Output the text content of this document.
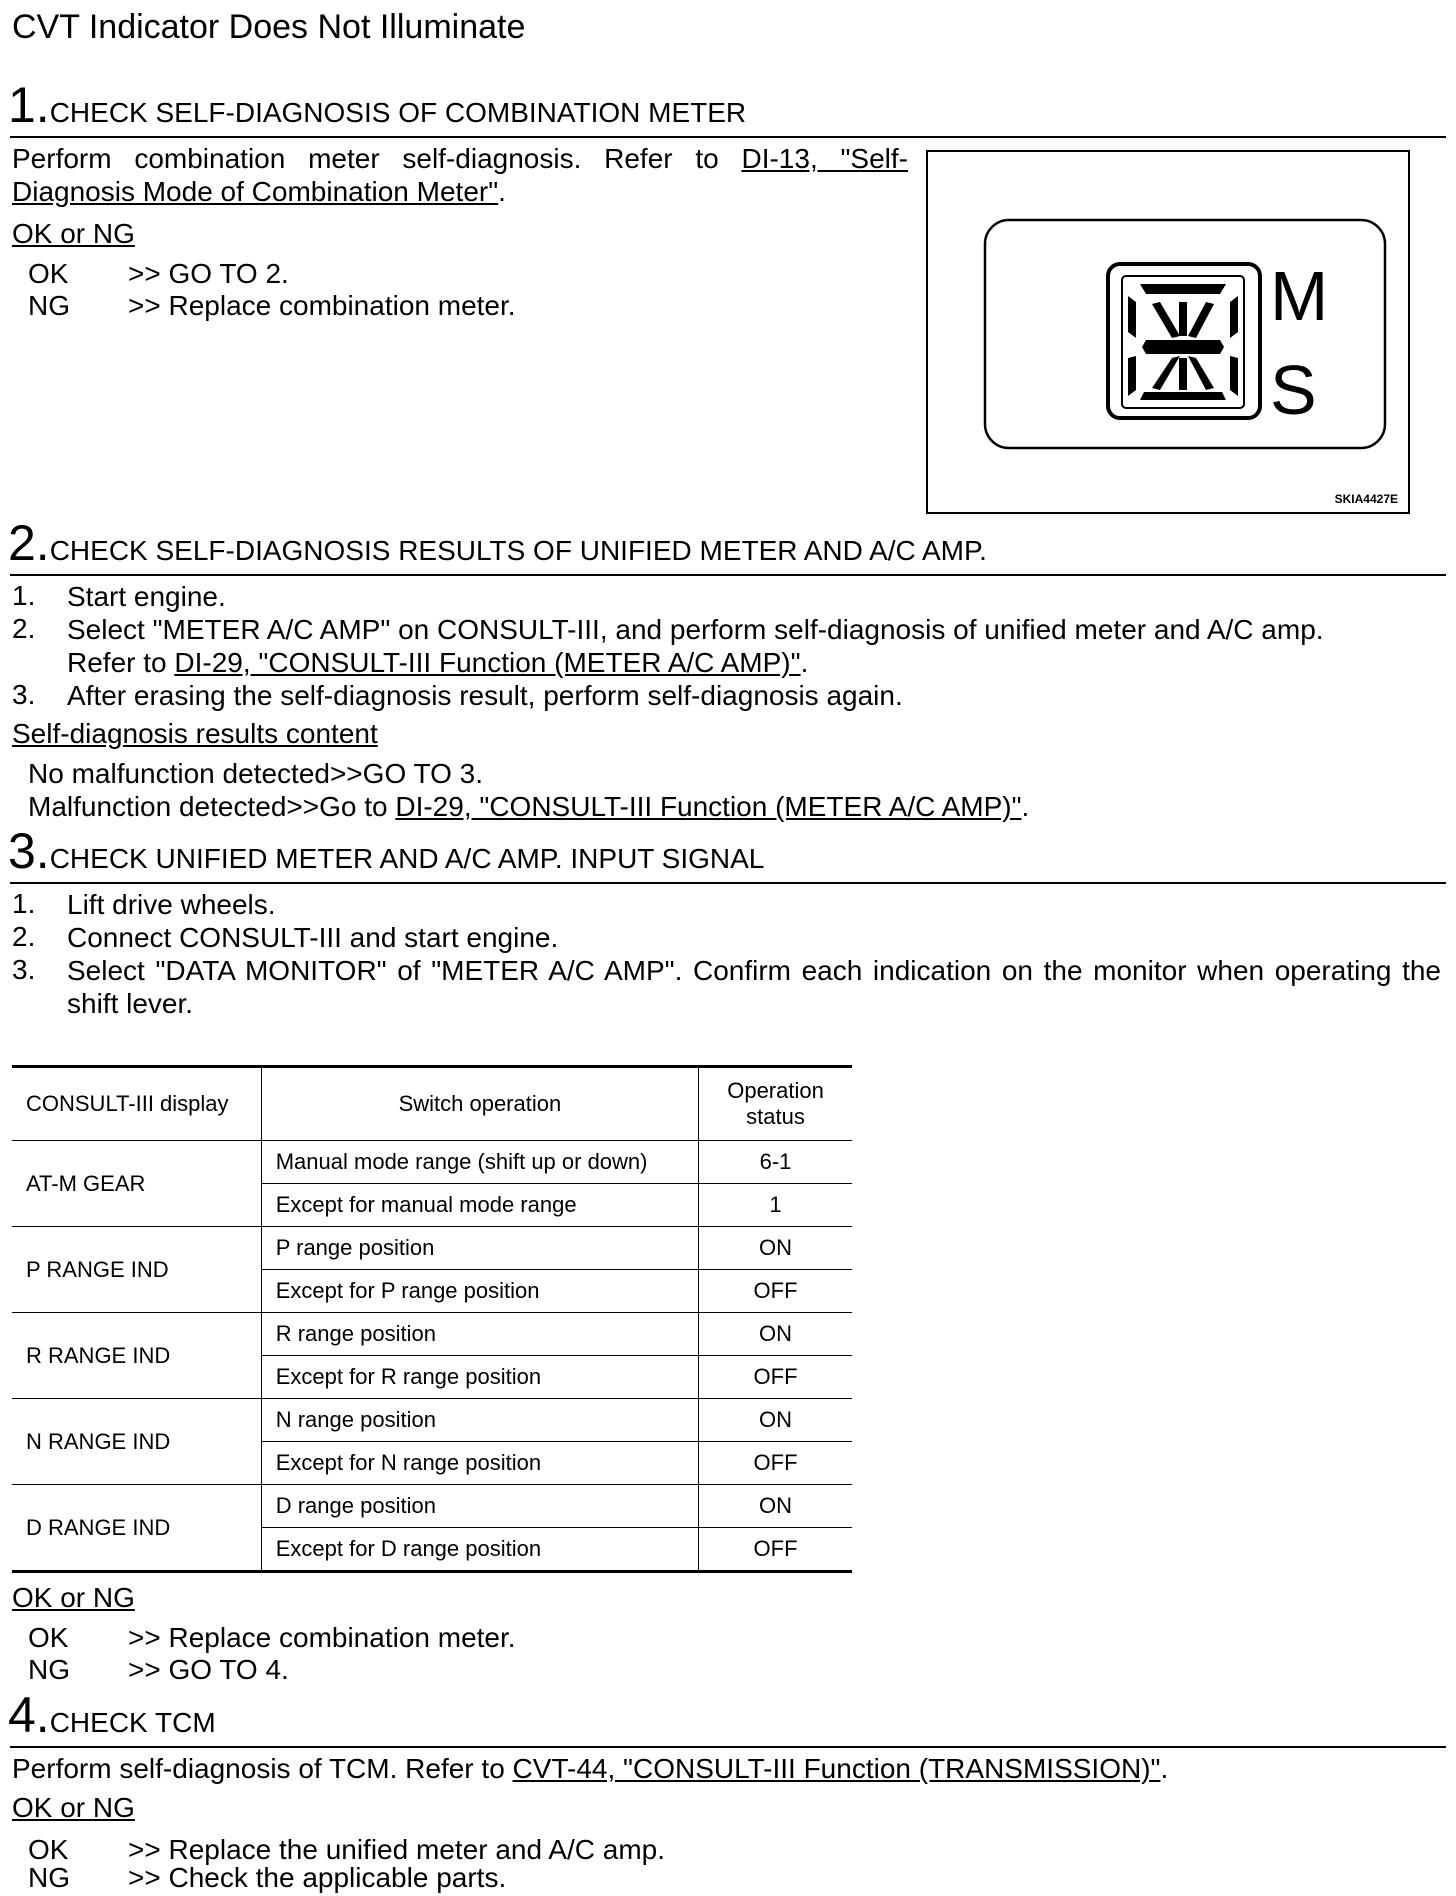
CVT Indicator Does Not Illuminate
1.CHECK SELF-DIAGNOSIS OF COMBINATION METER
Perform combination meter self-diagnosis. Refer to DI-13, "Self-Diagnosis Mode of Combination Meter".
OK or NG
OK >> GO TO 2.
NG >> Replace combination meter.	M
S
SKIA4427E
2.CHECK SELF-DIAGNOSIS RESULTS OF UNIFIED METER AND A/C AMP.
1. Start engine.
2. Select "METER A/C AMP" on CONSULT-III, and perform self-diagnosis of unified meter and A/C amp.
Refer to DI-29, "CONSULT-III Function (METER A/C AMP)".
3. After erasing the self-diagnosis result, perform self-diagnosis again.
Self-diagnosis results content
No malfunction detected>>GO TO 3.
Malfunction detected>>Go to DI-29, "CONSULT-III Function (METER A/C AMP)".
3.CHECK UNIFIED METER AND A/C AMP. INPUT SIGNAL
1. Lift drive wheels.
2. Connect CONSULT-III and start engine.
3. Select "DATA MONITOR" of "METER A/C AMP". Confirm each indication on the monitor when operating the shift lever.
CONSULT-III display	Switch operation	Operation status
AT-M GEAR	Manual mode range (shift up or down)	6-1
	Except for manual mode range	1
P RANGE IND	P range position	ON
	Except for P range position	OFF
R RANGE IND	R range position	ON
	Except for R range position	OFF
N RANGE IND	N range position	ON
	Except for N range position	OFF
D RANGE IND	D range position	ON
	Except for D range position	OFF
OK or NG
OK >> Replace combination meter.
NG >> GO TO 4.
4.CHECK TCM
Perform self-diagnosis of TCM. Refer to CVT-44, "CONSULT-III Function (TRANSMISSION)".
OK or NG
OK >> Replace the unified meter and A/C amp.
NG >> Check the applicable parts.
